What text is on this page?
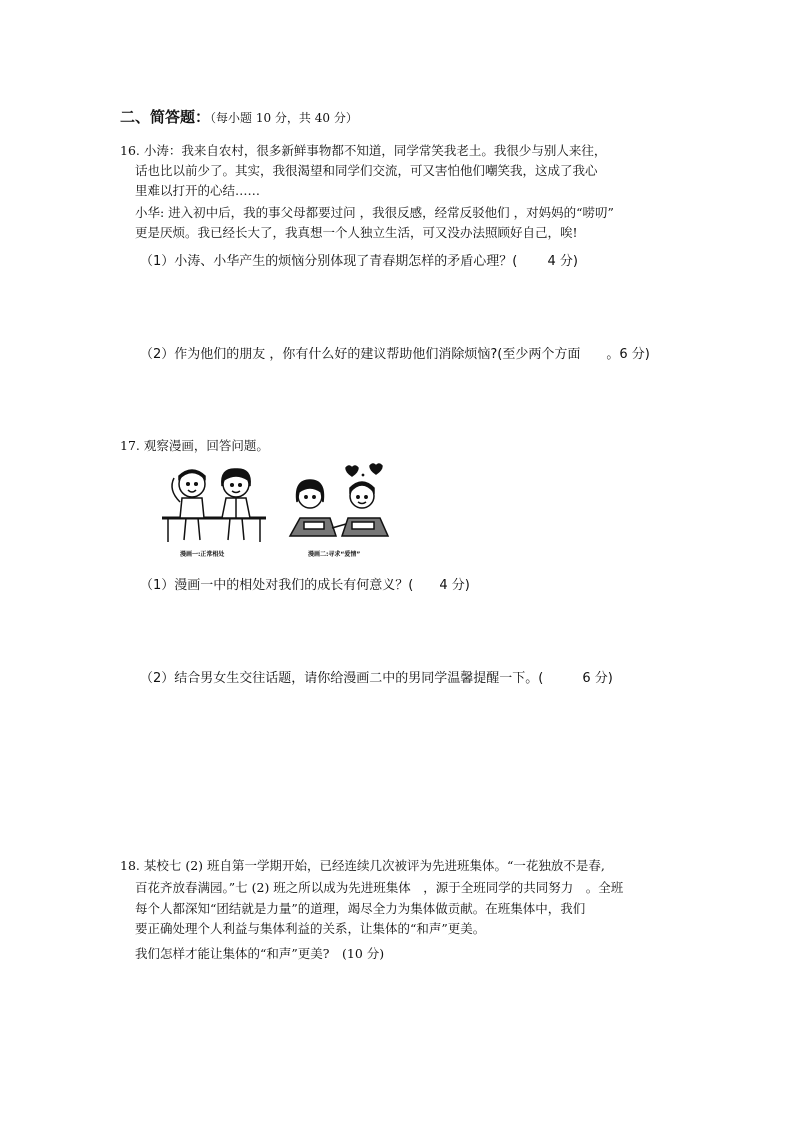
二、简答题：（每小题 10 分，共 40 分）
16. 小涛：我来自农村，很多新鲜事物都不知道，同学常笑我老土。我很少与别人来往，
话也比以前少了。其实，我很渴望和同学们交流，可又害怕他们嘲笑我，这成了我心
里难以打开的心结……
小华: 进入初中后，我的事父母都要过问 ，我很反感，经常反驳他们 ，对妈妈的“唠叨”
更是厌烦。我已经长大了，我真想一个人独立生活，可又没办法照顾好自己，唉!
（1）小涛、小华产生的烦恼分别体现了青春期怎样的矛盾心理？(　　 4 分)
（2）作为他们的朋友 ，你有什么好的建议帮助他们消除烦恼?(至少两个方面　　。6 分)
17. 观察漫画，回答问题。
漫画一:正常相处	漫画二:寻求“爱情”
（1）漫画一中的相处对我们的成长有何意义？(　　4 分)
（2）结合男女生交往话题，请你给漫画二中的男同学温馨提醒一下。(　　　6 分)
18. 某校七 (2) 班自第一学期开始，已经连续几次被评为先进班集体。“一花独放不是春,
百花齐放春满园。”七 (2) 班之所以成为先进班集体　，源于全班同学的共同努力　。全班
每个人都深知“团结就是力量”的道理，竭尽全力为集体做贡献。在班集体中，我们
要正确处理个人利益与集体利益的关系，让集体的“和声”更美。
我们怎样才能让集体的“和声”更美?　(10 分)
